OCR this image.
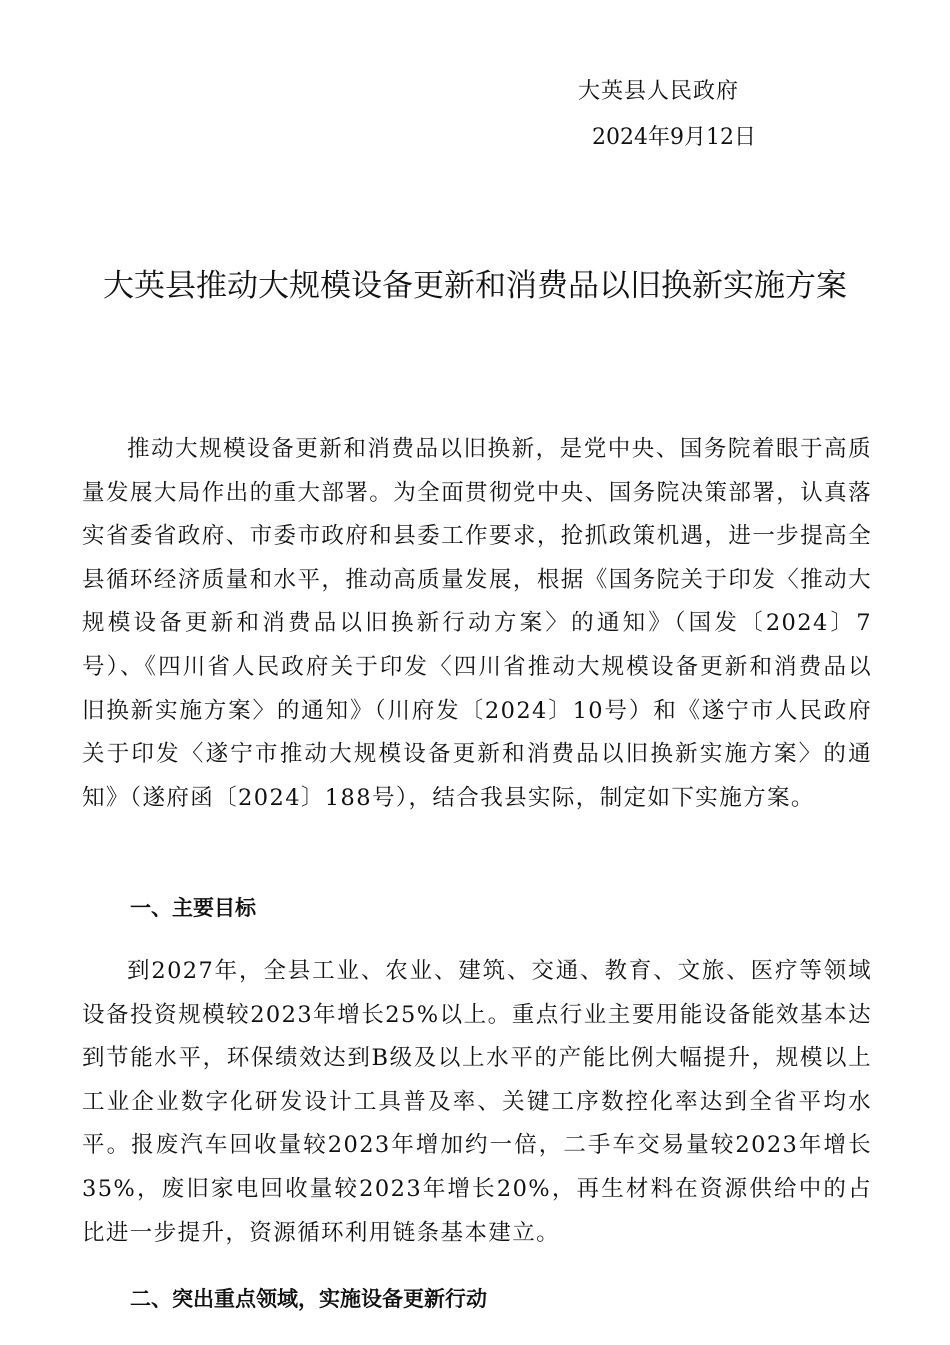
大英县人民政府
2024年9月12日
大英县推动大规模设备更新和消费品以旧换新实施方案

推动大规模设备更新和消费品以旧换新，是党中央、国务院着眼于高质量发展大局作出的重大部署。为全面贯彻党中央、国务院决策部署，认真落实省委省政府、市委市政府和县委工作要求，抢抓政策机遇，进一步提高全县循环经济质量和水平，推动高质量发展，根据《国务院关于印发〈推动大规模设备更新和消费品以旧换新行动方案〉的通知》（国发〔2024〕7号）、《四川省人民政府关于印发〈四川省推动大规模设备更新和消费品以旧换新实施方案〉的通知》（川府发〔2024〕10号）和《遂宁市人民政府关于印发〈遂宁市推动大规模设备更新和消费品以旧换新实施方案〉的通知》（遂府函〔2024〕188号），结合我县实际，制定如下实施方案。

一、主要目标

到2027年，全县工业、农业、建筑、交通、教育、文旅、医疗等领域设备投资规模较2023年增长25%以上。重点行业主要用能设备能效基本达到节能水平，环保绩效达到B级及以上水平的产能比例大幅提升，规模以上工业企业数字化研发设计工具普及率、关键工序数控化率达到全省平均水平。报废汽车回收量较2023年增加约一倍，二手车交易量较2023年增长35%，废旧家电回收量较2023年增长20%，再生材料在资源供给中的占比进一步提升，资源循环利用链条基本建立。

二、突出重点领域，实施设备更新行动
